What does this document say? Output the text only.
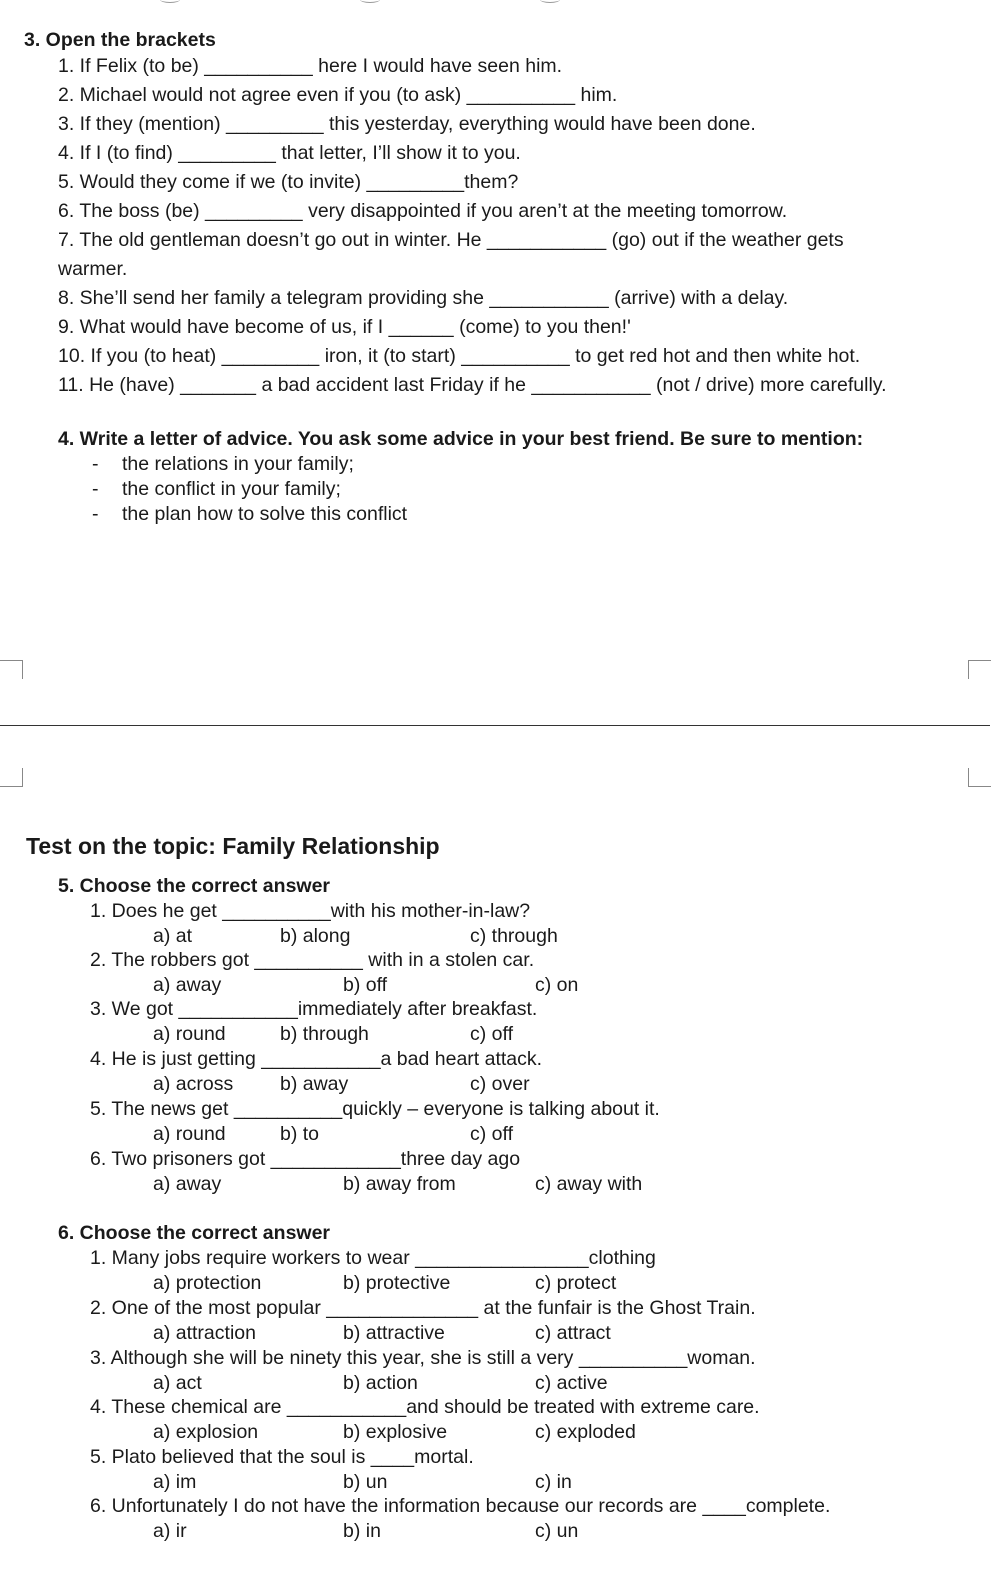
3. Open the brackets
1. If Felix (to be) __________ here I would have seen him.
2. Michael would not agree even if you (to ask) __________ him.
3. If they (mention) _________ this yesterday, everything would have been done.
4. If I (to find) _________ that letter, I’ll show it to you.
5. Would they come if we (to invite) _________them?
6. The boss (be) _________ very disappointed if you aren’t at the meeting tomorrow.
7. The old gentleman doesn’t go out in winter. He ___________ (go) out if the weather gets
warmer.
8. She’ll send her family a telegram providing she ___________ (arrive) with a delay.
9. What would have become of us, if I ______ (come) to you then!'
10. If you (to heat) _________ iron, it (to start) __________ to get red hot and then white hot.
11. He (have) _______ a bad accident last Friday if he ___________ (not / drive) more carefully.
4. Write a letter of advice. You ask some advice in your best friend. Be sure to mention:
- the relations in your family;
- the conflict in your family;
- the plan how to solve this conflict
Test on the topic: Family Relationship
5. Choose the correct answer
1. Does he get __________with his mother-in-law?
a) at	b) along	c) through
2. The robbers got __________ with in a stolen car.
a) away	b) off	c) on
3. We got ___________immediately after breakfast.
a) round	b) through	c) off
4. He is just getting ___________a bad heart attack.
a) across b) away	c) over
5. The news get __________quickly – everyone is talking about it.
a) round	b) to	c) off
6. Two prisoners got ____________three day ago
a) away	b) away from	c) away with
6. Choose the correct answer
1. Many jobs require workers to wear ________________clothing
a) protection	b) protective	c) protect
2. One of the most popular ______________ at the funfair is the Ghost Train.
a) attraction	b) attractive	c) attract
3. Although she will be ninety this year, she is still a very __________woman.
a) act	b) action	c) active
4. These chemical are ___________and should be treated with extreme care.
a) explosion	b) explosive	c) exploded
5. Plato believed that the soul is ____mortal.
a) im	b) un	c) in
6. Unfortunately I do not have the information because our records are ____complete.
a) ir	b) in	c) un
